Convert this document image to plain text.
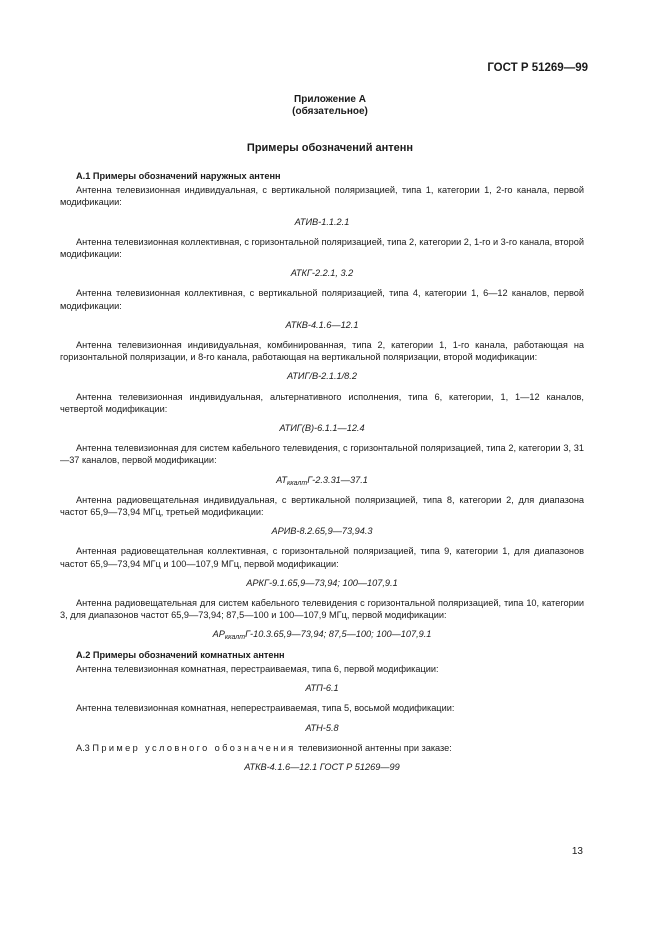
ГОСТ Р 51269—99
Приложение А
(обязательное)
Примеры обозначений антенн

А.1 Примеры обозначений наружных антенн

Антенна телевизионная индивидуальная, с вертикальной поляризацией, типа 1, категории 1, 2-го канала, первой модификации:

АТИВ-1.1.2.1

Антенна телевизионная коллективная, с горизонтальной поляризацией, типа 2, категории 2, 1-го и 3-го канала, второй модификации:

АТКГ-2.2.1, 3.2

Антенна телевизионная коллективная, с вертикальной поляризацией, типа 4, категории 1, 6—12 каналов, первой модификации:

АТКВ-4.1.6—12.1

Антенна телевизионная индивидуальная, комбинированная, типа 2, категории 1, 1-го канала, работающая на горизонтальной поляризации, и 8-го канала, работающая на вертикальной поляризации, второй модификации:

АТИГ/В-2.1.1/8.2

Антенна телевизионная индивидуальная, альтернативного исполнения, типа 6, категории, 1, 1—12 каналов, четвертой модификации:

АТИГ(В)-6.1.1—12.4

Антенна телевизионная для систем кабельного телевидения, с горизонтальной поляризацией, типа 2, категории 3, 31—37 каналов, первой модификации:

$АТ_{ккалт}Г-2.3.31—37.1$

Антенна радиовещательная индивидуальная, с вертикальной поляризацией, типа 8, категории 2, для диапазона частот 65,9—73,94 МГц, третьей модификации:

АРИВ-8.2.65,9—73,94.3

Антенная радиовещательная коллективная, с горизонтальной поляризацией, типа 9, категории 1, для диапазонов частот 65,9—73,94 МГц и 100—107,9 МГц, первой модификации:

АРКГ-9.1.65,9—73,94; 100—107,9.1

Антенна радиовещательная для систем кабельного телевидения с горизонтальной поляризацией, типа 10, категории 3, для диапазонов частот 65,9—73,94; 87,5—100 и 100—107,9 МГц, первой модификации:

$АР_{ккалт}Г-10.3.65,9—73,94$; 87,5—100; 100—107,9.1

А.2 Примеры обозначений комнатных антенн

Антенна телевизионная комнатная, перестраиваемая, типа 6, первой модификации:

АТП-6.1

Антенна телевизионная комнатная, неперестраиваемая, типа 5, восьмой модификации:

АТН-5.8

А.3 Пример условного обозначения телевизионной антенны при заказе:

АТКВ-4.1.6—12.1 ГОСТ Р 51269—99

13
